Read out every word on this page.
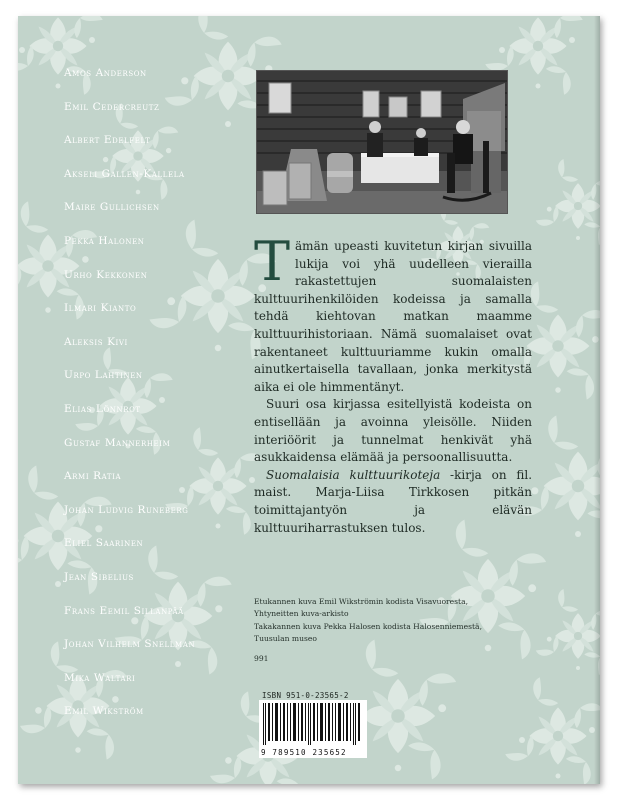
Amos Anderson
Emil Cedercreutz
Albert Edelfelt
Akseli Gallen-Kallela
Maire Gullichsen
Pekka Halonen
Urho Kekkonen
Ilmari Kianto
Aleksis Kivi
Urpo Lahtinen
Elias Lönnrot
Gustaf Mannerheim
Armi Ratia
Johan Ludvig Runeberg
Eliel Saarinen
Jean Sibelius
Frans Eemil Sillanpää
Johan Vilhelm Snellman
Mika Waltari
Emil Wikström

Tämän upeasti kuvitetun kirjan sivuilla lukija voi yhä uudelleen vierailla rakastettujen suomalaisten kulttuurihenkilöiden kodeissa ja samalla tehdä kiehtovan matkan maamme kulttuurihistoriaan. Nämä suomalaiset ovat rakentaneet kulttuuriamme kukin omalla ainutkertaisella tavallaan, jonka merkitystä aika ei ole himmentänyt.

Suuri osa kirjassa esitellyistä kodeista on entisellään ja avoinna yleisölle. Niiden interiöörit ja tunnelmat henkivät yhä asukkaidensa elämää ja persoonallisuutta.

Suomalaisia kulttuurikoteja -kirja on fil. maist. Marja-Liisa Tirkkosen pitkän toimittajantyön ja elävän kulttuuriharrastuksen tulos.

Etukannen kuva Emil Wikströmin kodista Visavuoresta,
Yhtyneitten kuva-arkisto
Takakannen kuva Pekka Halosen kodista Halosenniemestä,
Tuusulan museo
991
ISBN 951-0-23565-2
9 789510 235652
